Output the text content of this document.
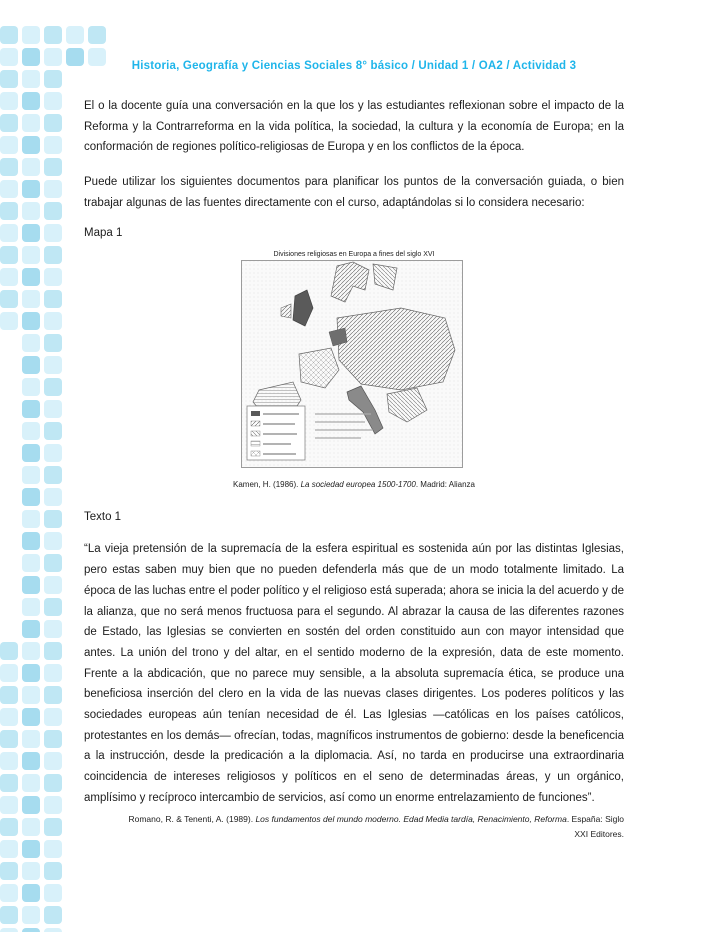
Historia, Geografía y Ciencias Sociales 8° básico / Unidad 1 / OA2 / Actividad 3

El o la docente guía una conversación en la que los y las estudiantes reflexionan sobre el impacto de la Reforma y la Contrarreforma en la vida política, la sociedad, la cultura y la economía de Europa; en la conformación de regiones político-religiosas de Europa y en los conflictos de la época.

Puede utilizar los siguientes documentos para planificar los puntos de la conversación guiada, o bien trabajar algunas de las fuentes directamente con el curso, adaptándolas si lo considera necesario:

Mapa 1
Divisiones religiosas en Europa a fines del siglo XVI

Kamen, H. (1986). La sociedad europea 1500-1700. Madrid: Alianza

Texto 1

“La vieja pretensión de la supremacía de la esfera espiritual es sostenida aún por las distintas Iglesias, pero estas saben muy bien que no pueden defenderla más que de un modo totalmente limitado. La época de las luchas entre el poder político y el religioso está superada; ahora se inicia la del acuerdo y de la alianza, que no será menos fructuosa para el segundo. Al abrazar la causa de las diferentes razones de Estado, las Iglesias se convierten en sostén del orden constituido aun con mayor intensidad que antes. La unión del trono y del altar, en el sentido moderno de la expresión, data de este momento. Frente a la abdicación, que no parece muy sensible, a la absoluta supremacía ética, se produce una beneficiosa inserción del clero en la vida de las nuevas clases dirigentes. Los poderes políticos y las sociedades europeas aún tenían necesidad de él. Las Iglesias —católicas en los países católicos, protestantes en los demás— ofrecían, todas, magníficos instrumentos de gobierno: desde la beneficencia a la instrucción, desde la predicación a la diplomacia. Así, no tarda en producirse una extraordinaria coincidencia de intereses religiosos y políticos en el seno de determinadas áreas, y un orgánico, amplísimo y recíproco intercambio de servicios, así como un enorme entrelazamiento de funciones”.

Romano, R. & Tenenti, A. (1989). Los fundamentos del mundo moderno. Edad Media tardía, Renacimiento, Reforma. España: Siglo XXI Editores.
